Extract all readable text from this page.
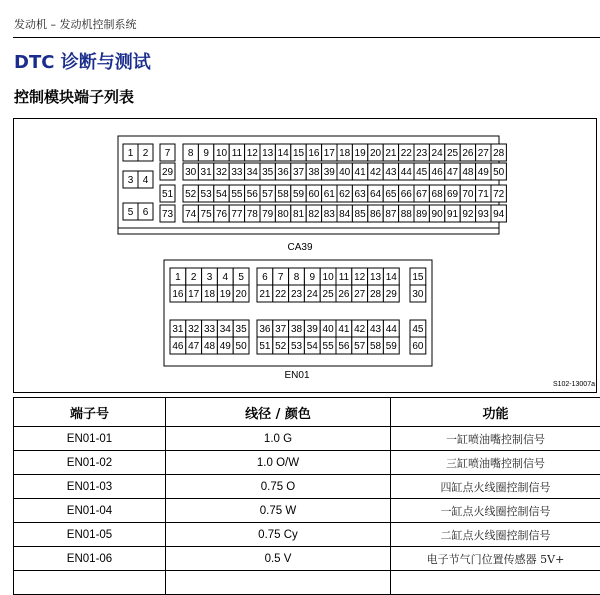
发动机 – 发动机控制系统
DTC 诊断与测试
控制模块端子列表
1 2
3 4
5 6
7
29
51
73
8 9 10 11 12 13 14 15 16 17 18 19 20 21 22 23 24 25 26 27 28
30 31 32 33 34 35 36 37 38 39 40 41 42 43 44 45 46 47 48 49 50
52 53 54 55 56 57 58 59 60 61 62 63 64 65 66 67 68 69 70 71 72
74 75 76 77 78 79 80 81 82 83 84 85 86 87 88 89 90 91 92 93 94
CA39
1 2 3 4 5
16 17 18 19 20
6 7 8 9 10 11 12 13 14
21 22 23 24 25 26 27 28 29
15
30
31 32 33 34 35
46 47 48 49 50
36 37 38 39 40 41 42 43 44
51 52 53 54 55 56 57 58 59
45
60
EN01
S102-13007a
端子号	线径 / 颜色	功能
EN01-01	1.0 G	一缸喷油嘴控制信号
EN01-02	1.0 O/W	三缸喷油嘴控制信号
EN01-03	0.75 O	四缸点火线圈控制信号
EN01-04	0.75 W	一缸点火线圈控制信号
EN01-05	0.75 Cy	二缸点火线圈控制信号
EN01-06	0.5 V	电子节气门位置传感器 5V+
